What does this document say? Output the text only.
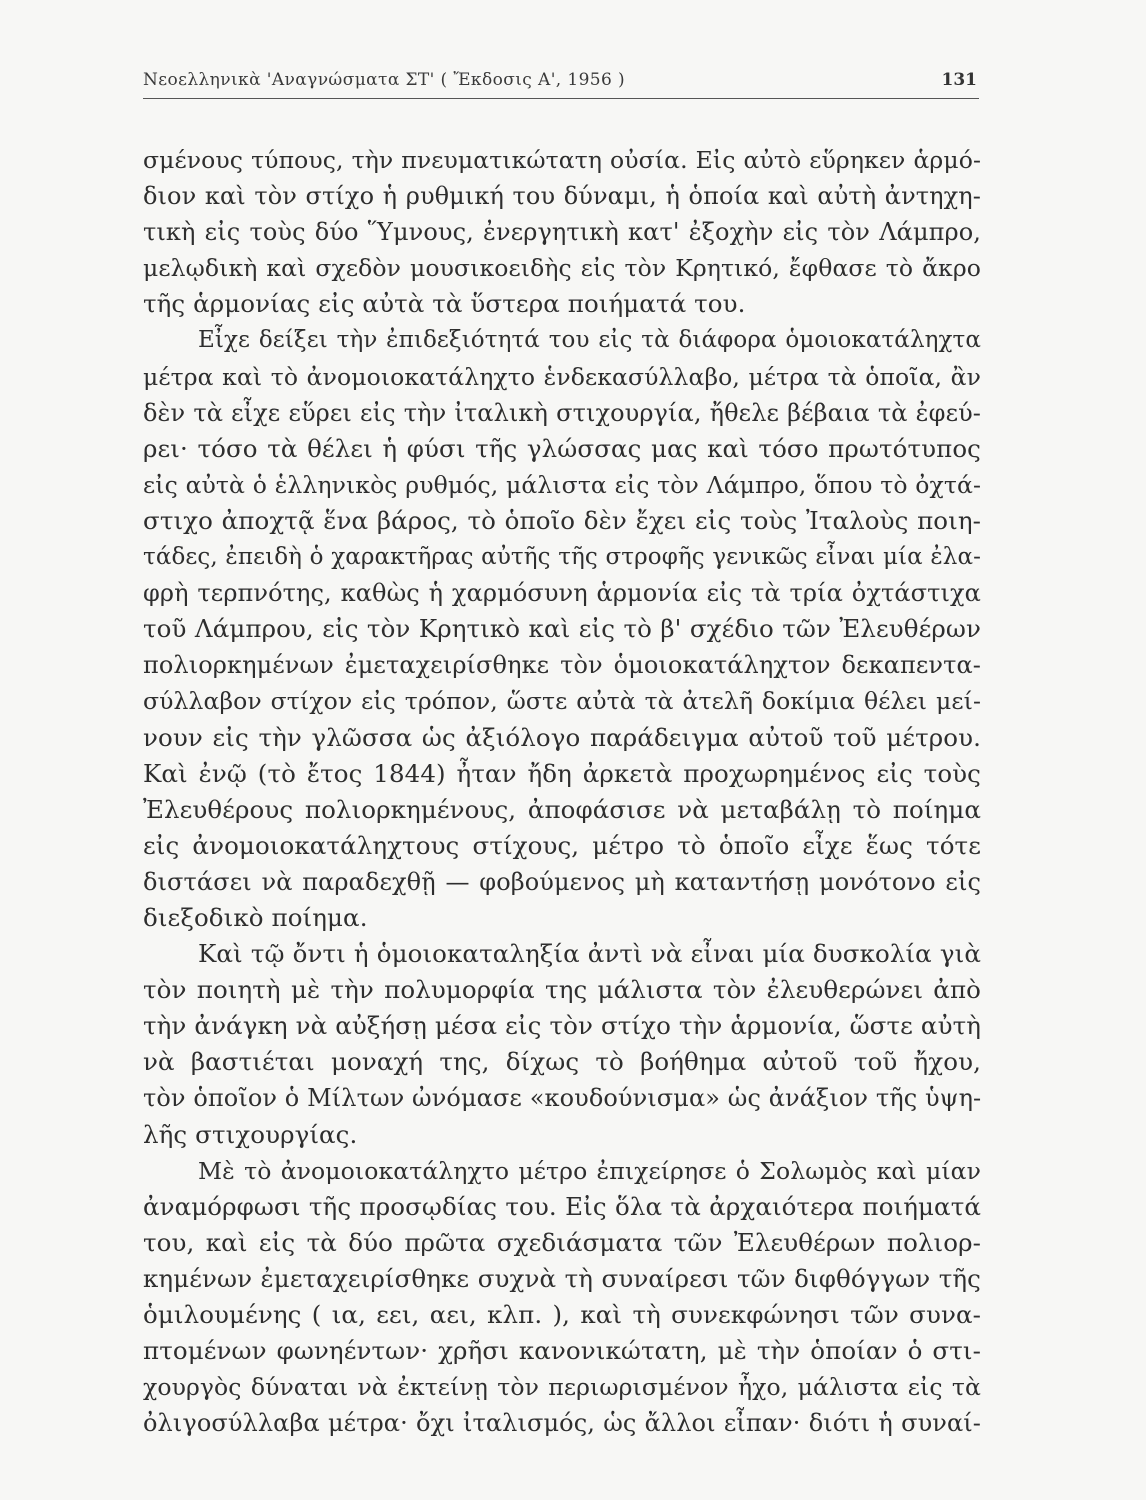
Νεοελληνικὰ 'Αναγνώσματα ΣΤ' ( Ἔκδοσις Α', 1956 )	131
σμένους τύπους, τὴν πνευματικώτατη οὐσία. Εἰς αὐτὸ εὕρηκεν ἁρμό-
διον καὶ τὸν στίχο ἡ ρυθμική του δύναμι, ἡ ὁποία καὶ αὐτὴ ἀντηχη-
τικὴ εἰς τοὺς δύο Ὕμνους, ἐνεργητικὴ κατ' ἐξοχὴν εἰς τὸν Λάμπρο,
μελῳδικὴ καὶ σχεδὸν μουσικοειδὴς εἰς τὸν Κρητικό, ἔφθασε τὸ ἄκρο
τῆς ἁρμονίας εἰς αὐτὰ τὰ ὕστερα ποιήματά του.
Εἶχε δείξει τὴν ἐπιδεξιότητά του εἰς τὰ διάφορα ὁμοιοκατάληχτα
μέτρα καὶ τὸ ἀνομοιοκατάληχτο ἑνδεκασύλλαβο, μέτρα τὰ ὁποῖα, ἂν
δὲν τὰ εἶχε εὕρει εἰς τὴν ἰταλικὴ στιχουργία, ἤθελε βέβαια τὰ ἐφεύ-
ρει· τόσο τὰ θέλει ἡ φύσι τῆς γλώσσας μας καὶ τόσο πρωτότυπος
εἰς αὐτὰ ὁ ἑλληνικὸς ρυθμός, μάλιστα εἰς τὸν Λάμπρο, ὅπου τὸ ὀχτά-
στιχο ἀποχτᾷ ἕνα βάρος, τὸ ὁποῖο δὲν ἔχει εἰς τοὺς Ἰταλοὺς ποιη-
τάδες, ἐπειδὴ ὁ χαρακτῆρας αὐτῆς τῆς στροφῆς γενικῶς εἶναι μία ἐλα-
φρὴ τερπνότης, καθὼς ἡ χαρμόσυνη ἁρμονία εἰς τὰ τρία ὀχτάστιχα
τοῦ Λάμπρου, εἰς τὸν Κρητικὸ καὶ εἰς τὸ β' σχέδιο τῶν Ἐλευθέρων
πολιορκημένων ἐμεταχειρίσθηκε τὸν ὁμοιοκατάληχτον δεκαπεντα-
σύλλαβον στίχον εἰς τρόπον, ὥστε αὐτὰ τὰ ἀτελῆ δοκίμια θέλει μεί-
νουν εἰς τὴν γλῶσσα ὡς ἀξιόλογο παράδειγμα αὐτοῦ τοῦ μέτρου.
Καὶ ἐνῷ (τὸ ἔτος 1844) ἦταν ἤδη ἀρκετὰ προχωρημένος εἰς τοὺς
Ἐλευθέρους πολιορκημένους, ἀποφάσισε νὰ μεταβάλῃ τὸ ποίημα
εἰς ἀνομοιοκατάληχτους στίχους, μέτρο τὸ ὁποῖο εἶχε ἕως τότε
διστάσει νὰ παραδεχθῇ — φοβούμενος μὴ καταντήσῃ μονότονο εἰς
διεξοδικὸ ποίημα.
Καὶ τῷ ὄντι ἡ ὁμοιοκαταληξία ἀντὶ νὰ εἶναι μία δυσκολία γιὰ
τὸν ποιητὴ μὲ τὴν πολυμορφία της μάλιστα τὸν ἐλευθερώνει ἀπὸ
τὴν ἀνάγκη νὰ αὐξήσῃ μέσα εἰς τὸν στίχο τὴν ἁρμονία, ὥστε αὐτὴ
νὰ βαστιέται μοναχή της, δίχως τὸ βοήθημα αὐτοῦ τοῦ ἤχου,
τὸν ὁποῖον ὁ Μίλτων ὠνόμασε «κουδούνισμα» ὡς ἀνάξιον τῆς ὑψη-
λῆς στιχουργίας.
Μὲ τὸ ἀνομοιοκατάληχτο μέτρο ἐπιχείρησε ὁ Σολωμὸς καὶ μίαν
ἀναμόρφωσι τῆς προσῳδίας του. Εἰς ὅλα τὰ ἀρχαιότερα ποιήματά
του, καὶ εἰς τὰ δύο πρῶτα σχεδιάσματα τῶν Ἐλευθέρων πολιορ-
κημένων ἐμεταχειρίσθηκε συχνὰ τὴ συναίρεσι τῶν διφθόγγων τῆς
ὁμιλουμένης ( ια, εει, αει, κλπ. ), καὶ τὴ συνεκφώνησι τῶν συνα-
πτομένων φωνηέντων· χρῆσι κανονικώτατη, μὲ τὴν ὁποίαν ὁ στι-
χουργὸς δύναται νὰ ἐκτείνῃ τὸν περιωρισμένον ἦχο, μάλιστα εἰς τὰ
ὀλιγοσύλλαβα μέτρα· ὄχι ἰταλισμός, ὡς ἄλλοι εἶπαν· διότι ἡ συναί-
